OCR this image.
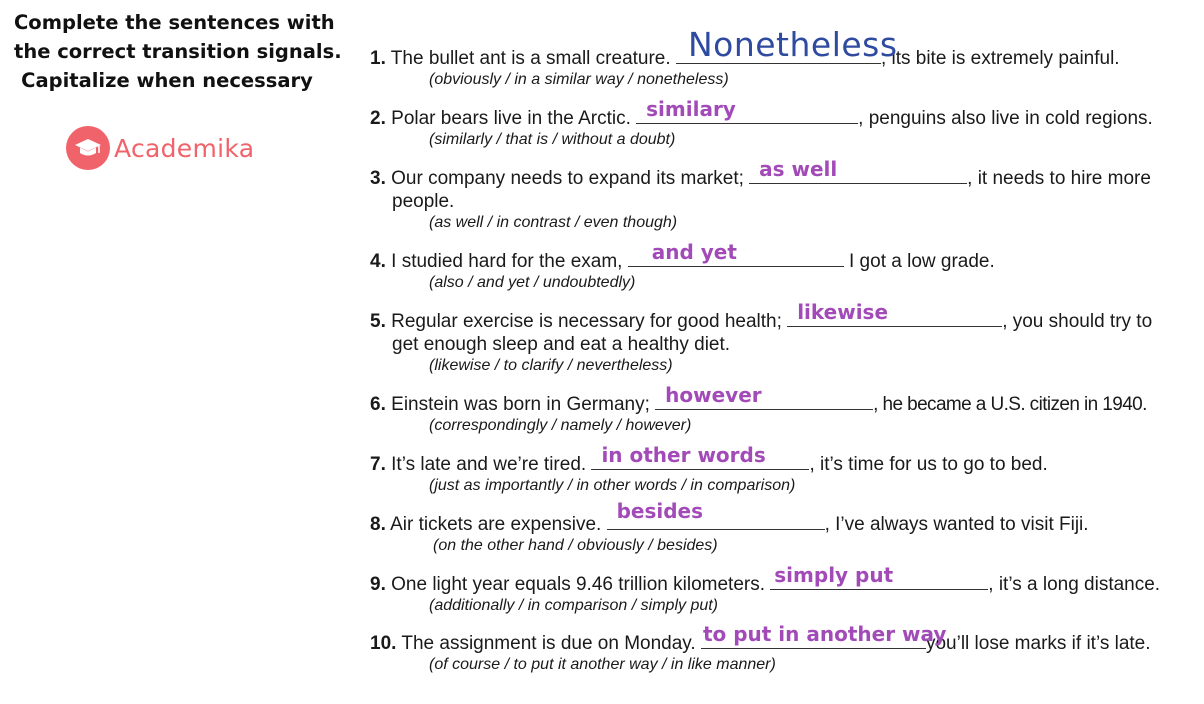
Complete the sentences with
the correct transition signals.
Capitalize when necessary
Academika
1. The bullet ant is a small creature. Nonetheless
, its bite is extremely painful.
(obviously / in a similar way / nonetheless)
2. Polar bears live in the Arctic. similary	, penguins also live in cold regions.
(similarly / that is / without a doubt)
3. Our company needs to expand its market; as well	, it needs to hire more
people.
(as well / in contrast / even though)
4. I studied hard for the exam, and yet	I got a low grade.
(also / and yet / undoubtedly)
5. Regular exercise is necessary for good health; likewise	, you should try to
get enough sleep and eat a healthy diet.
(likewise / to clarify / nevertheless)
6. Einstein was born in Germany; however	, he became a U.S. citizen in 1940.
(correspondingly / namely / however)
7. It’s late and we’re tired. in other words , it’s time for us to go to bed.
(just as importantly / in other words / in comparison)
8. Air tickets are expensive.
besides
, I’ve always wanted to visit Fiji.
(on the other hand / obviously / besides)
9. One light year equals 9.46 trillion kilometers. simply put	, it’s a long distance.
(additionally / in comparison / simply put)
10. The assignment is due on Monday. to put in another way
you’ll lose marks if it’s late.
(of course / to put it another way / in like manner)
